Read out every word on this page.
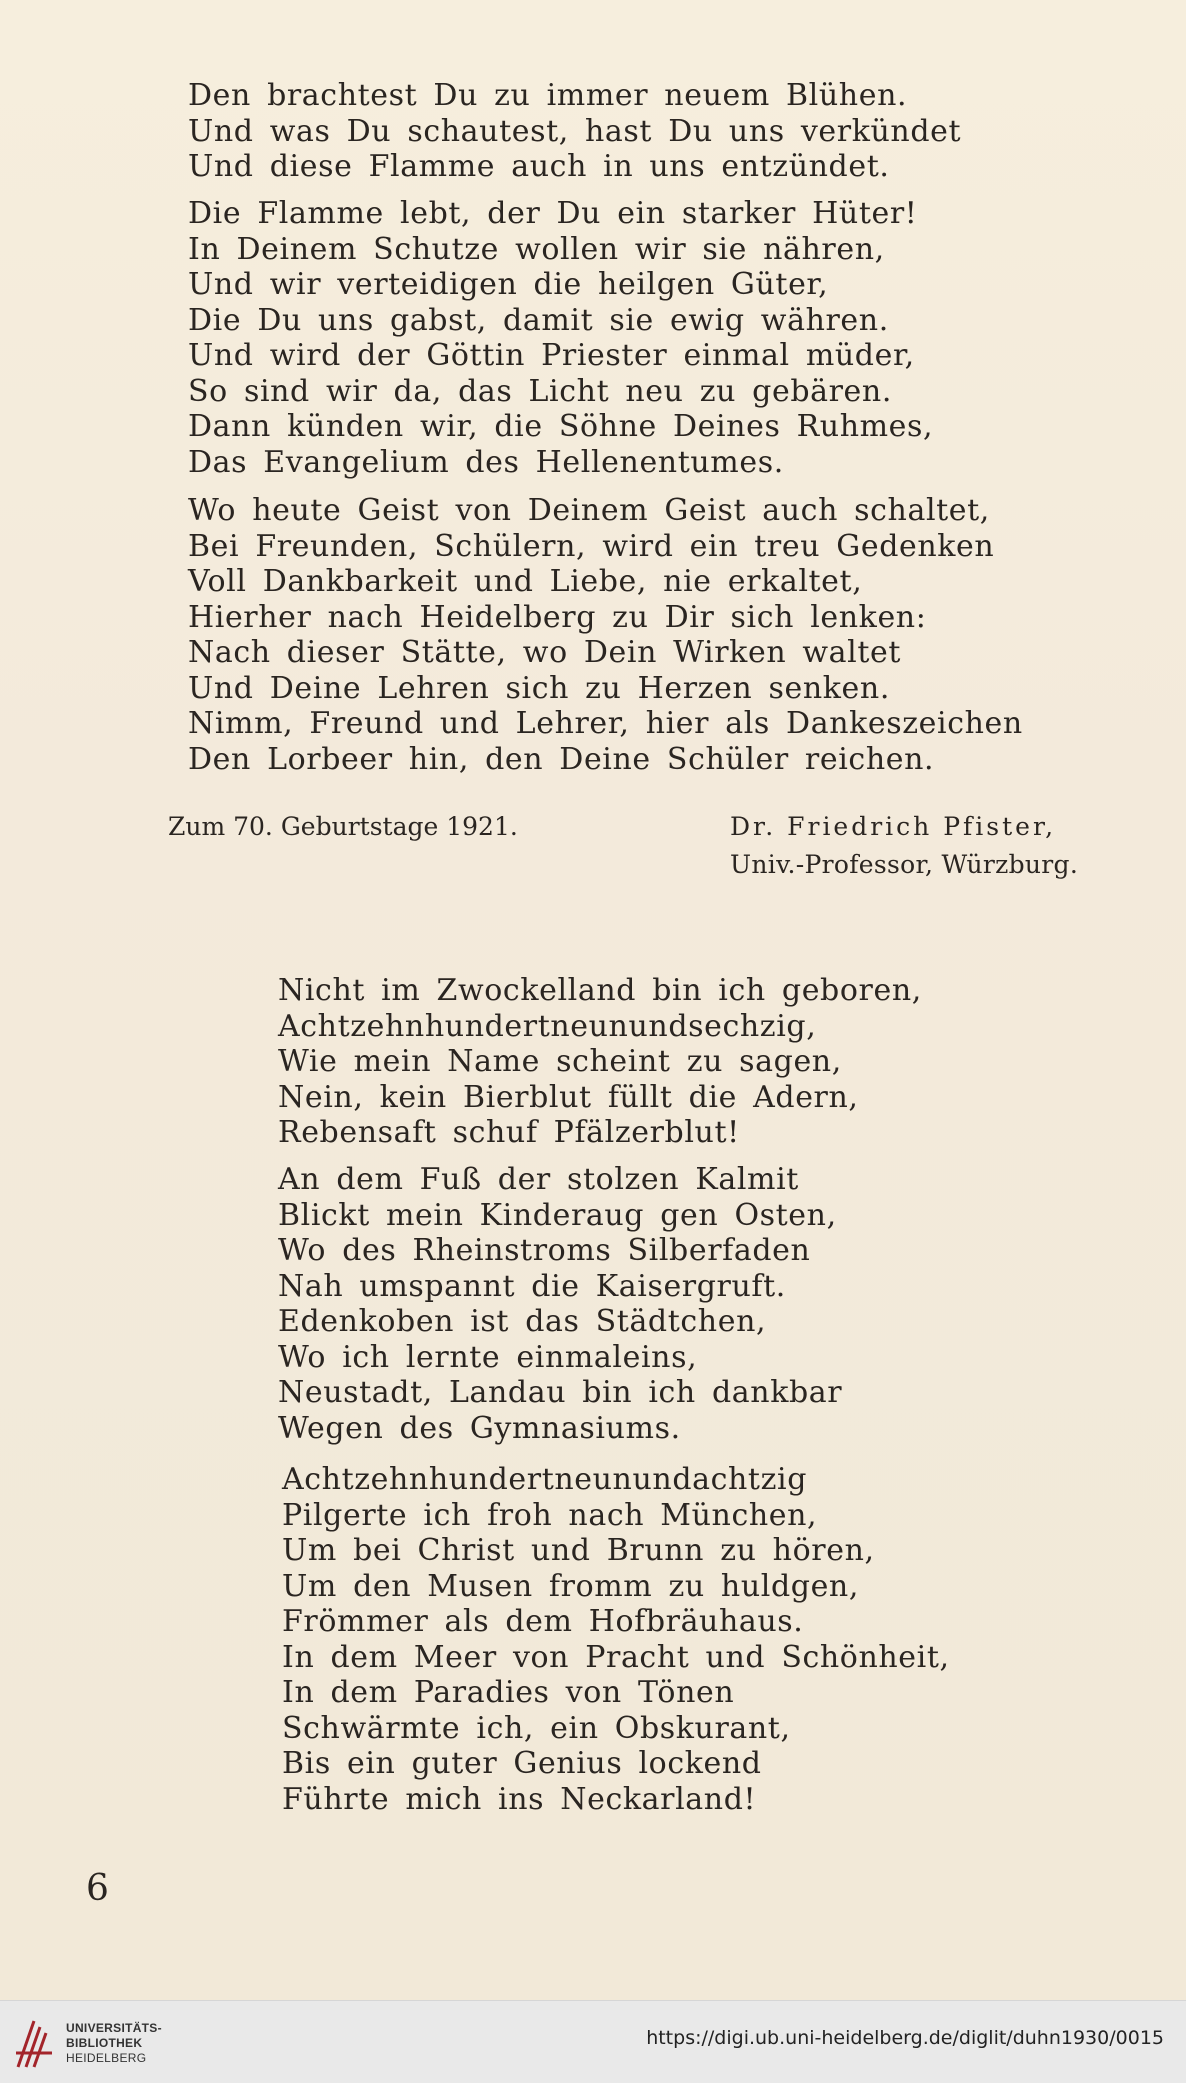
Den brachtest Du zu immer neuem Blühen.
Und was Du schautest, hast Du uns verkündet
Und diese Flamme auch in uns entzündet.

Die Flamme lebt, der Du ein starker Hüter!
In Deinem Schutze wollen wir sie nähren,
Und wir verteidigen die heilgen Güter,
Die Du uns gabst, damit sie ewig währen.
Und wird der Göttin Priester einmal müder,
So sind wir da, das Licht neu zu gebären.
Dann künden wir, die Söhne Deines Ruhmes,
Das Evangelium des Hellenentumes.

Wo heute Geist von Deinem Geist auch schaltet,
Bei Freunden, Schülern, wird ein treu Gedenken
Voll Dankbarkeit und Liebe, nie erkaltet,
Hierher nach Heidelberg zu Dir sich lenken:
Nach dieser Stätte, wo Dein Wirken waltet
Und Deine Lehren sich zu Herzen senken.
Nimm, Freund und Lehrer, hier als Dankeszeichen
Den Lorbeer hin, den Deine Schüler reichen.

Zum 70. Geburtstage 1921.	Dr. Friedrich Pfister,
Univ.-Professor, Würzburg.

Nicht im Zwockelland bin ich geboren,
Achtzehnhundertneunundsechzig,
Wie mein Name scheint zu sagen,
Nein, kein Bierblut füllt die Adern,
Rebensaft schuf Pfälzerblut!

An dem Fuß der stolzen Kalmit
Blickt mein Kinderaug gen Osten,
Wo des Rheinstroms Silberfaden
Nah umspannt die Kaisergruft.
Edenkoben ist das Städtchen,
Wo ich lernte einmaleins,
Neustadt, Landau bin ich dankbar
Wegen des Gymnasiums.

Achtzehnhundertneunundachtzig
Pilgerte ich froh nach München,
Um bei Christ und Brunn zu hören,
Um den Musen fromm zu huldgen,
Frömmer als dem Hofbräuhaus.
In dem Meer von Pracht und Schönheit,
In dem Paradies von Tönen
Schwärmte ich, ein Obskurant,
Bis ein guter Genius lockend
Führte mich ins Neckarland!

6
UNIVERSITÄTS-
BIBLIOTHEK
HEIDELBERG
https://digi.ub.uni-heidelberg.de/diglit/duhn1930/0015
